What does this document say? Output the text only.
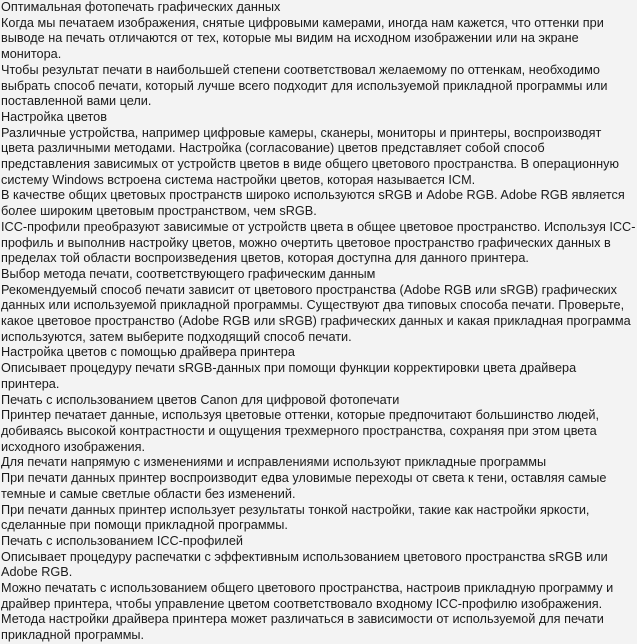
Оптимальная фотопечать графических данных
Когда мы печатаем изображения, снятые цифровыми камерами, иногда нам кажется, что оттенки при выводе на печать отличаются от тех, которые мы видим на исходном изображении или на экране монитора.
Чтобы результат печати в наибольшей степени соответствовал желаемому по оттенкам, необходимо выбрать способ печати, который лучше всего подходит для используемой прикладной программы или поставленной вами цели.
Настройка цветов
Различные устройства, например цифровые камеры, сканеры, мониторы и принтеры, воспроизводят цвета различными методами. Настройка (согласование) цветов представляет собой способ представления зависимых от устройств цветов в виде общего цветового пространства. В операционную систему Windows встроена система настройки цветов, которая называется ICM.
В качестве общих цветовых пространств широко используются sRGB и Adobe RGB. Adobe RGB является более широким цветовым пространством, чем sRGB.
ICC-профили преобразуют зависимые от устройств цвета в общее цветовое пространство. Используя ICC-профиль и выполнив настройку цветов, можно очертить цветовое пространство графических данных в пределах той области воспроизведения цветов, которая доступна для данного принтера.
Выбор метода печати, соответствующего графическим данным
Рекомендуемый способ печати зависит от цветового пространства (Adobe RGB или sRGB) графических данных или используемой прикладной программы. Существуют два типовых способа печати. Проверьте, какое цветовое пространство (Adobe RGB или sRGB) графических данных и какая прикладная программа используются, затем выберите подходящий способ печати.
Настройка цветов с помощью драйвера принтера
Описывает процедуру печати sRGB-данных при помощи функции корректировки цвета драйвера принтера.
Печать с использованием цветов Canon для цифровой фотопечати
Принтер печатает данные, используя цветовые оттенки, которые предпочитают большинство людей, добиваясь высокой контрастности и ощущения трехмерного пространства, сохраняя при этом цвета исходного изображения.
Для печати напрямую с изменениями и исправлениями используют прикладные программы
При печати данных принтер воспроизводит едва уловимые переходы от света к тени, оставляя самые темные и самые светлые области без изменений.
При печати данных принтер использует результаты тонкой настройки, такие как настройки яркости, сделанные при помощи прикладной программы.
Печать с использованием ICC-профилей
Описывает процедуру распечатки с эффективным использованием цветового пространства sRGB или Adobe RGB.
Можно печатать с использованием общего цветового пространства, настроив прикладную программу и драйвер принтера, чтобы управление цветом соответствовало входному ICC-профилю изображения.
Метода настройки драйвера принтера может различаться в зависимости от используемой для печати прикладной программы.
